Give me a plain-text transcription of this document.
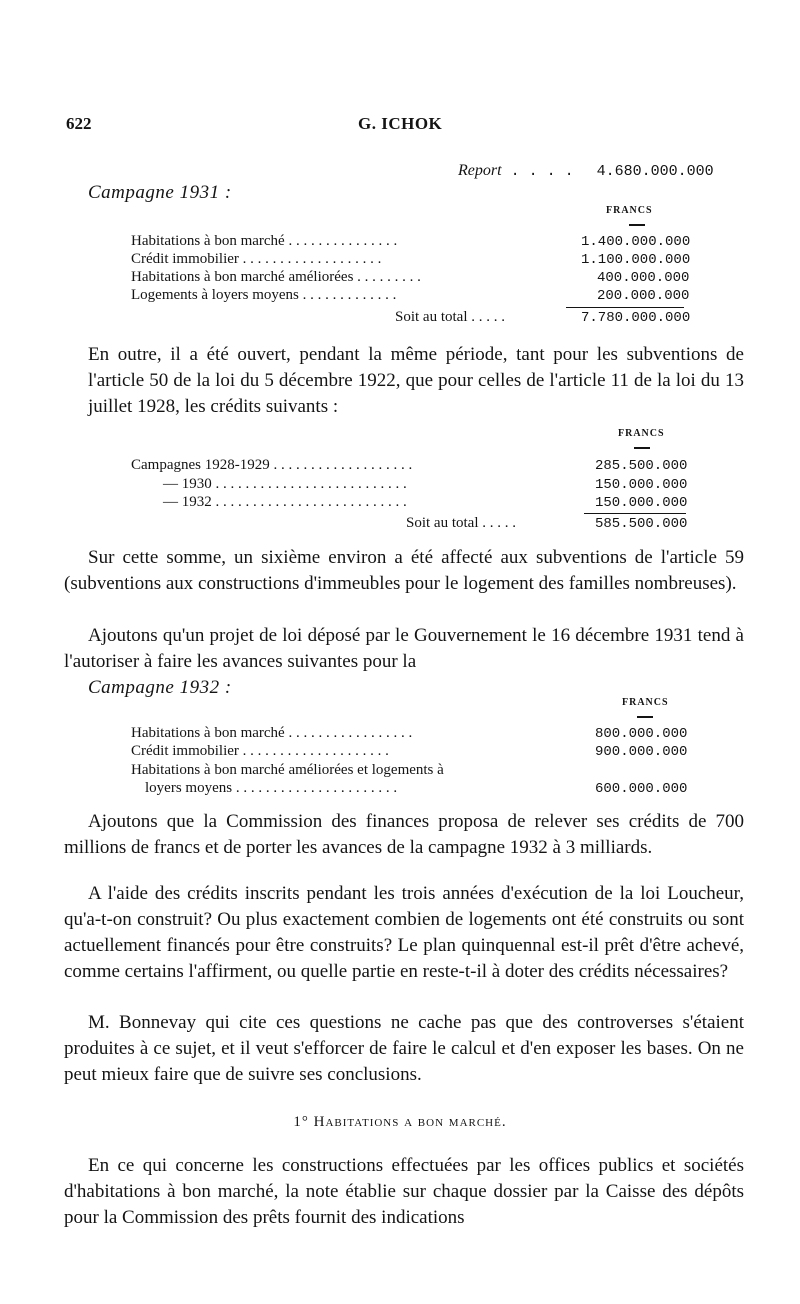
622	G. ICHOK
Report . . . . 4.680.000.000
Campagne 1931 :
FRANCS
Habitations à bon marché . . . . . . . . . . . . . . .	1.400.000.000
Crédit immobilier . . . . . . . . . . . . . . . . . . .	1.100.000.000
Habitations à bon marché améliorées . . . . . . . . .	400.000.000
Logements à loyers moyens . . . . . . . . . . . . .	200.000.000
Soit au total . . . . .	7.780.000.000

En outre, il a été ouvert, pendant la même période, tant pour les subventions de l'article 50 de la loi du 5 décembre 1922, que pour celles de l'article 11 de la loi du 13 juillet 1928, les crédits suivants :

FRANCS
Campagnes 1928-1929 . . . . . . . . . . . . . . . . . . .	285.500.000
— 1930 . . . . . . . . . . . . . . . . . . . . . . . . . .	150.000.000
— 1932 . . . . . . . . . . . . . . . . . . . . . . . . . .	150.000.000
Soit au total . . . . .	585.500.000

Sur cette somme, un sixième environ a été affecté aux subventions de l'article 59 (subventions aux constructions d'immeubles pour le logement des familles nombreuses).

Ajoutons qu'un projet de loi déposé par le Gouvernement le 16 décembre 1931 tend à l'autoriser à faire les avances suivantes pour la

Campagne 1932 :
FRANCS
Habitations à bon marché . . . . . . . . . . . . . . . . .	800.000.000
Crédit immobilier . . . . . . . . . . . . . . . . . . . .	900.000.000
Habitations à bon marché améliorées et logements à
loyers moyens . . . . . . . . . . . . . . . . . . . . . .	600.000.000

Ajoutons que la Commission des finances proposa de relever ses crédits de 700 millions de francs et de porter les avances de la campagne 1932 à 3 milliards.

A l'aide des crédits inscrits pendant les trois années d'exécution de la loi Loucheur, qu'a-t-on construit? Ou plus exactement combien de logements ont été construits ou sont actuellement financés pour être construits? Le plan quinquennal est-il prêt d'être achevé, comme certains l'affirment, ou quelle partie en reste-t-il à doter des crédits nécessaires?

M. Bonnevay qui cite ces questions ne cache pas que des controverses s'étaient produites à ce sujet, et il veut s'efforcer de faire le calcul et d'en exposer les bases. On ne peut mieux faire que de suivre ses conclusions.

1° Habitations a bon marché.

En ce qui concerne les constructions effectuées par les offices publics et sociétés d'habitations à bon marché, la note établie sur chaque dossier par la Caisse des dépôts pour la Commission des prêts fournit des indications
